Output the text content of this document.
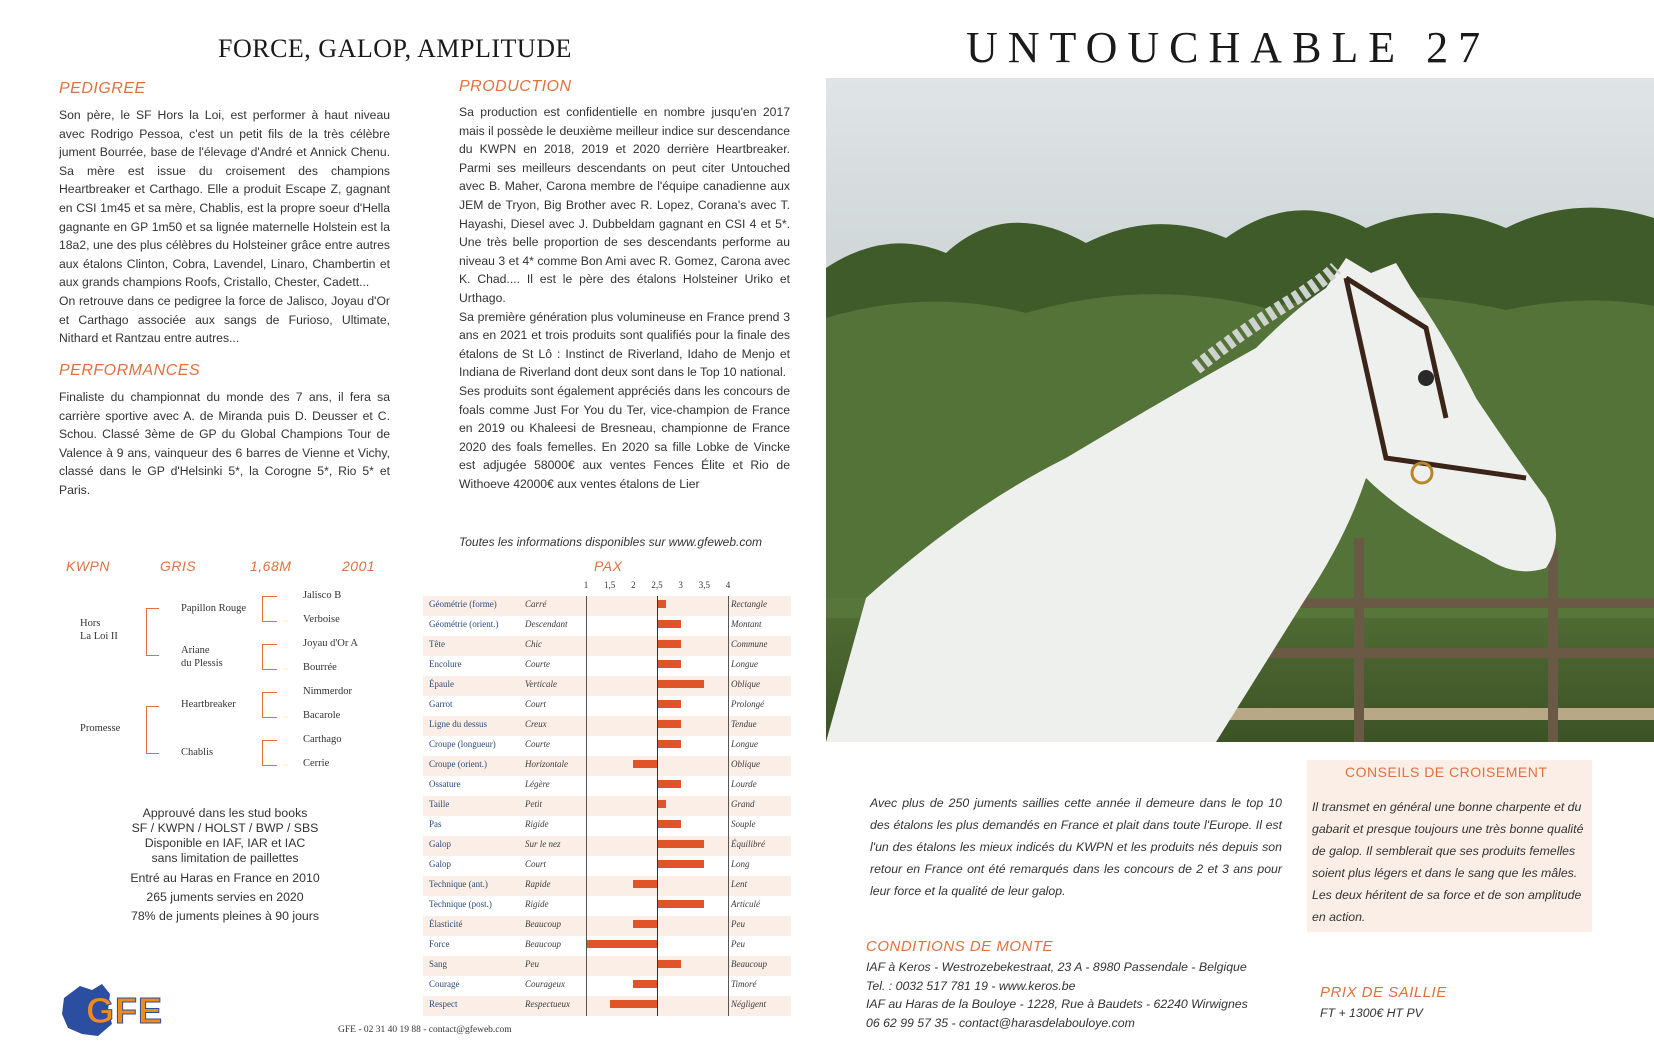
FORCE, GALOP, AMPLITUDE
PEDIGREE

Son père, le SF Hors la Loi, est performer à haut niveau avec Rodrigo Pessoa, c'est un petit fils de la très célèbre jument Bourrée, base de l'élevage d'André et Annick Chenu. Sa mère est issue du croisement des champions Heartbreaker et Carthago. Elle a produit Escape Z, gagnant en CSI 1m45 et sa mère, Chablis, est la propre soeur d'Hella gagnante en GP 1m50 et sa lignée maternelle Holstein est la 18a2, une des plus célèbres du Holsteiner grâce entre autres aux étalons Clinton, Cobra, Lavendel, Linaro, Chambertin et aux grands champions Roofs, Cristallo, Chester, Cadett...

On retrouve dans ce pedigree la force de Jalisco, Joyau d'Or et Carthago associée aux sangs de Furioso, Ultimate, Nithard et Rantzau entre autres...

PERFORMANCES
Finaliste du championnat du monde des 7 ans, il fera sa carrière sportive avec A. de Miranda puis D. Deusser et C. Schou. Classé 3ème de GP du Global Champions Tour de Valence à 9 ans, vainqueur des 6 barres de Vienne et Vichy, classé dans le GP d'Helsinki 5*, la Corogne 5*, Rio 5* et Paris.
PRODUCTION

Sa production est confidentielle en nombre jusqu'en 2017 mais il possède le deuxième meilleur indice sur descendance du KWPN en 2018, 2019 et 2020 derrière Heartbreaker. Parmi ses meilleurs descendants on peut citer Untouched avec B. Maher, Carona membre de l'équipe canadienne aux JEM de Tryon, Big Brother avec R. Lopez, Corana's avec T. Hayashi, Diesel avec J. Dubbeldam gagnant en CSI 4 et 5*. Une très belle proportion de ses descendants performe au niveau 3 et 4* comme Bon Ami avec R. Gomez, Carona avec K. Chad.... Il est le père des étalons Holsteiner Uriko et Urthago.

Sa première génération plus volumineuse en France prend 3 ans en 2021 et trois produits sont qualifiés pour la finale des étalons de St Lô : Instinct de Riverland, Idaho de Menjo et Indiana de Riverland dont deux sont dans le Top 10 national.

Ses produits sont également appréciés dans les concours de foals comme Just For You du Ter, vice-champion de France en 2019 ou Khaleesi de Bresneau, championne de France 2020 des foals femelles. En 2020 sa fille Lobke de Vincke est adjugée 58000€ aux ventes Fences Élite et Rio de Withoeve 42000€ aux ventes étalons de Lier

Toutes les informations disponibles sur www.gfeweb.com
KWPN	GRIS	1,68M	2001
Hors
La Loi II
Promesse
Papillon Rouge
Ariane
du Plessis
Heartbreaker
Chablis
Jalisco B
Verboise
Joyau d'Or A
Bourrée
Nimmerdor
Bacarole
Carthago
Cerrie
Approuvé dans les stud books
SF / KWPN / HOLST / BWP / SBS
Disponible en IAF, IAR et IAC
sans limitation de paillettes
Entré au Haras en France en 2010
265 juments servies en 2020
78% de juments pleines à 90 jours
GFE	GFE - 02 31 40 19 88 - contact@gfeweb.com
PAX
1 1,5 2 2,5 3 3,5 4
Géométrie (forme)	Carré	Rectangle
Géométrie (orient.)	Descendant	Montant
Tête	Chic	Commune
Encolure	Courte	Longue
Épaule	Verticale	Oblique
Garrot	Court	Prolongé
Ligne du dessus	Creux	Tendue
Croupe (longueur)	Courte	Longue
Croupe (orient.)	Horizontale	Oblique
Ossature	Légère	Lourde
Taille	Petit	Grand
Pas	Rigide	Souple
Galop	Sur le nez	Équilibré
Galop	Court	Long
Technique (ant.)	Rapide	Lent
Technique (post.)	Rigide	Articulé
Élasticité	Beaucoup	Peu
Force	Beaucoup	Peu
Sang	Peu	Beaucoup
Courage	Courageux	Timoré
Respect	Respectueux	Négligent
UNTOUCHABLE 27
Avec plus de 250 juments saillies cette année il demeure dans le top 10 des étalons les plus demandés en France et plait dans toute l'Europe. Il est l'un des étalons les mieux indicés du KWPN et les produits nés depuis son retour en France ont été remarqués dans les concours de 2 et 3 ans pour leur force et la qualité de leur galop.
CONSEILS DE CROISEMENT
Il transmet en général une bonne charpente et du gabarit et presque toujours une très bonne qualité de galop. Il semblerait que ses produits femelles soient plus légers et dans le sang que les mâles. Les deux héritent de sa force et de son amplitude en action.
CONDITIONS DE MONTE
IAF à Keros - Westrozebekestraat, 23 A - 8980 Passendale - Belgique
Tel. : 0032 517 781 19 - www.keros.be
IAF au Haras de la Bouloye - 1228, Rue à Baudets - 62240 Wirwignes
06 62 99 57 35 - contact@harasdelabouloye.com
PRIX DE SAILLIE
FT + 1300€ HT PV
